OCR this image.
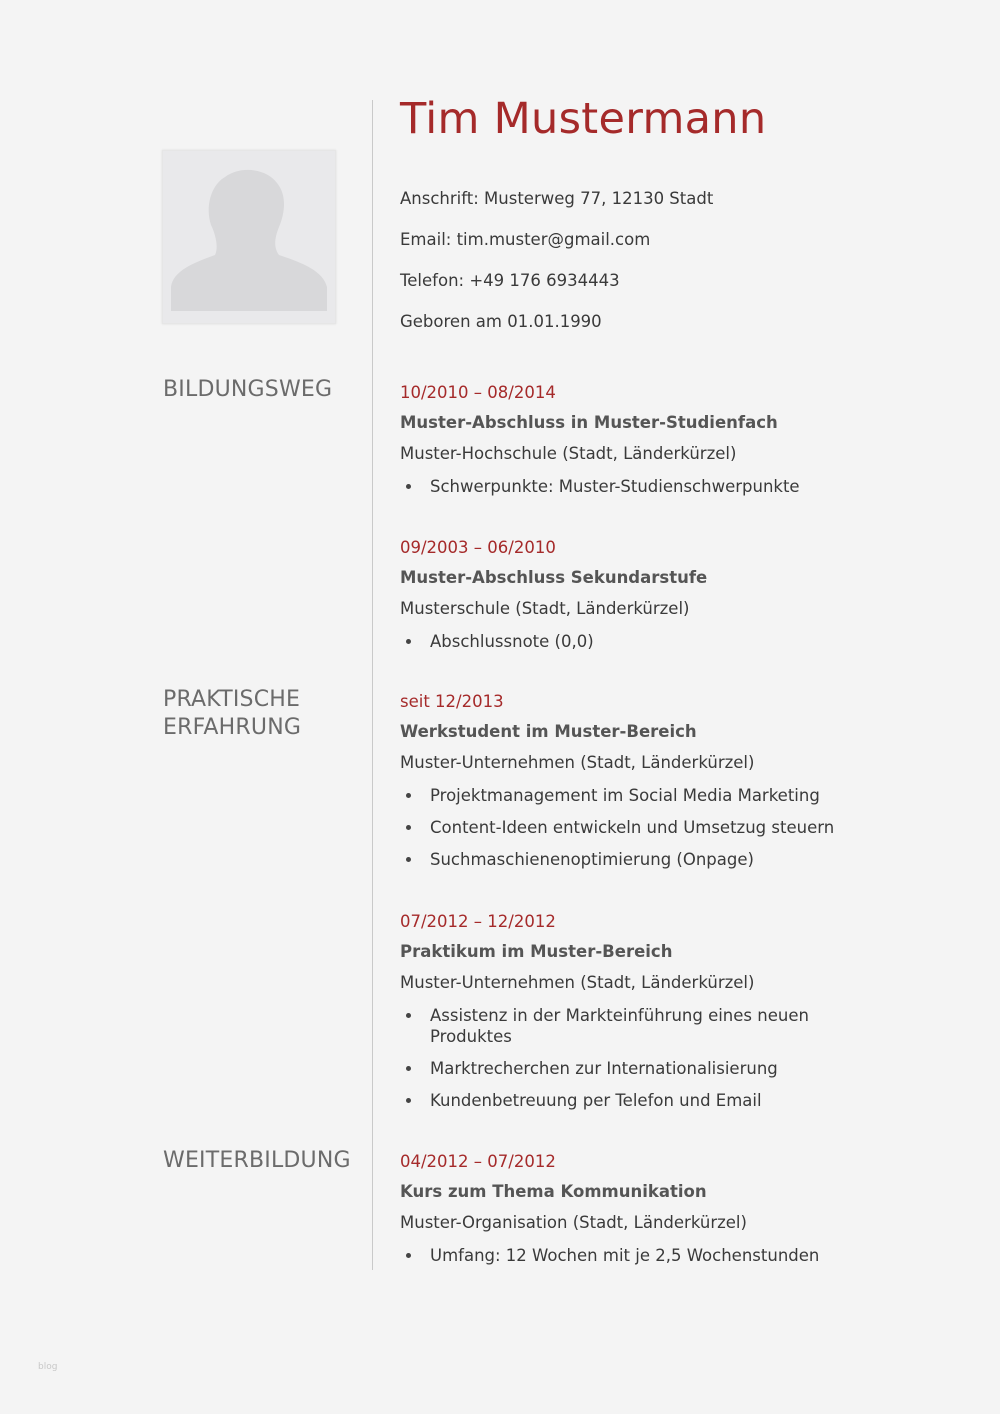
Tim Mustermann
Anschrift: Musterweg 77, 12130 Stadt
Email: tim.muster@gmail.com
Telefon: +49 176 6934443
Geboren am 01.01.1990
BILDUNGSWEG	10/2010 – 08/2014
Muster-Abschluss in Muster-Studienfach
Muster-Hochschule (Stadt, Länderkürzel)
Schwerpunkte: Muster-Studienschwerpunkte
09/2003 – 06/2010
Muster-Abschluss Sekundarstufe
Musterschule (Stadt, Länderkürzel)
Abschlussnote (0,0)
PRAKTISCHE
ERFAHRUNG
seit 12/2013
Werkstudent im Muster-Bereich
Muster-Unternehmen (Stadt, Länderkürzel)
Projektmanagement im Social Media Marketing
Content-Ideen entwickeln und Umsetzug steuern
Suchmaschienenoptimierung (Onpage)
07/2012 – 12/2012
Praktikum im Muster-Bereich
Muster-Unternehmen (Stadt, Länderkürzel)
Assistenz in der Markteinführung eines neuen Produktes
Marktrecherchen zur Internationalisierung
Kundenbetreuung per Telefon und Email
WEITERBILDUNG	04/2012 – 07/2012
Kurs zum Thema Kommunikation
Muster-Organisation (Stadt, Länderkürzel)
Umfang: 12 Wochen mit je 2,5 Wochenstunden
blog
